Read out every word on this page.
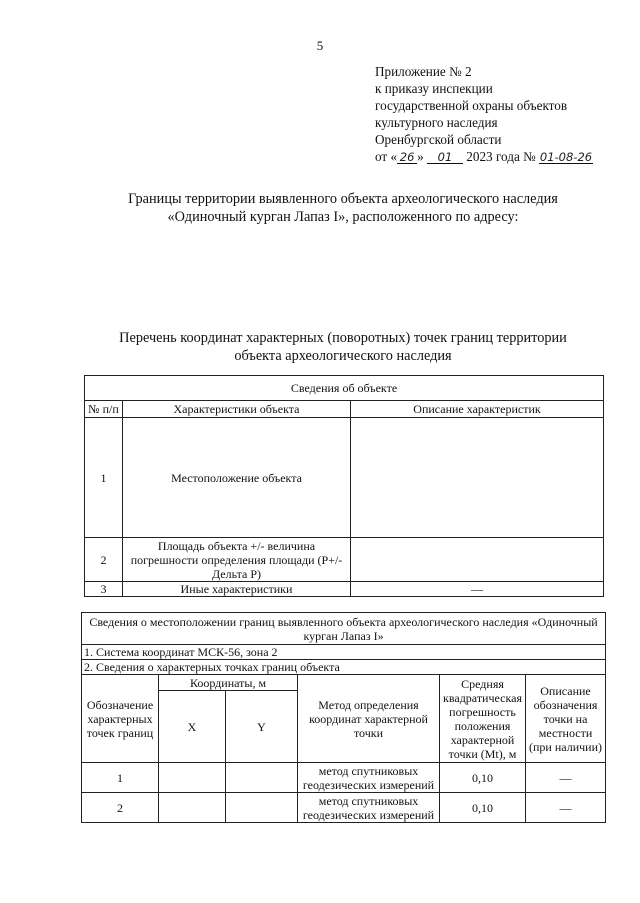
5
Приложение № 2
к приказу инспекции
государственной охраны объектов
культурного наследия
Оренбургской области
от « 26 » 01 2023 года № 01-08-26
Границы территории выявленного объекта археологического наследия
«Одиночный курган Лапаз I», расположенного по адресу:
Перечень координат характерных (поворотных) точек границ территории
объекта археологического наследия
Сведения об объекте		
№ п/п	Характеристики объекта	Описание характеристик
1	Местоположение объекта	
2	Площадь объекта +/- величина погрешности определения площади (Р+/- Дельта Р)	
3	Иные характеристики	—
Сведения о местоположении границ выявленного объекта археологического наследия «Одиночный курган Лапаз I»					
1. Система координат МСК-56, зона 2					
2. Сведения о характерных точках границ объекта					
Обозначение характерных точек границ	Координаты, м		Метод определения координат характерной точки	Средняя квадратическая погрешность положения характерной точки (Mt), м	Описание обозначения точки на местности (при наличии)
	X	Y			
1			метод спутниковых геодезических измерений	0,10	—
2			метод спутниковых геодезических измерений	0,10	—
